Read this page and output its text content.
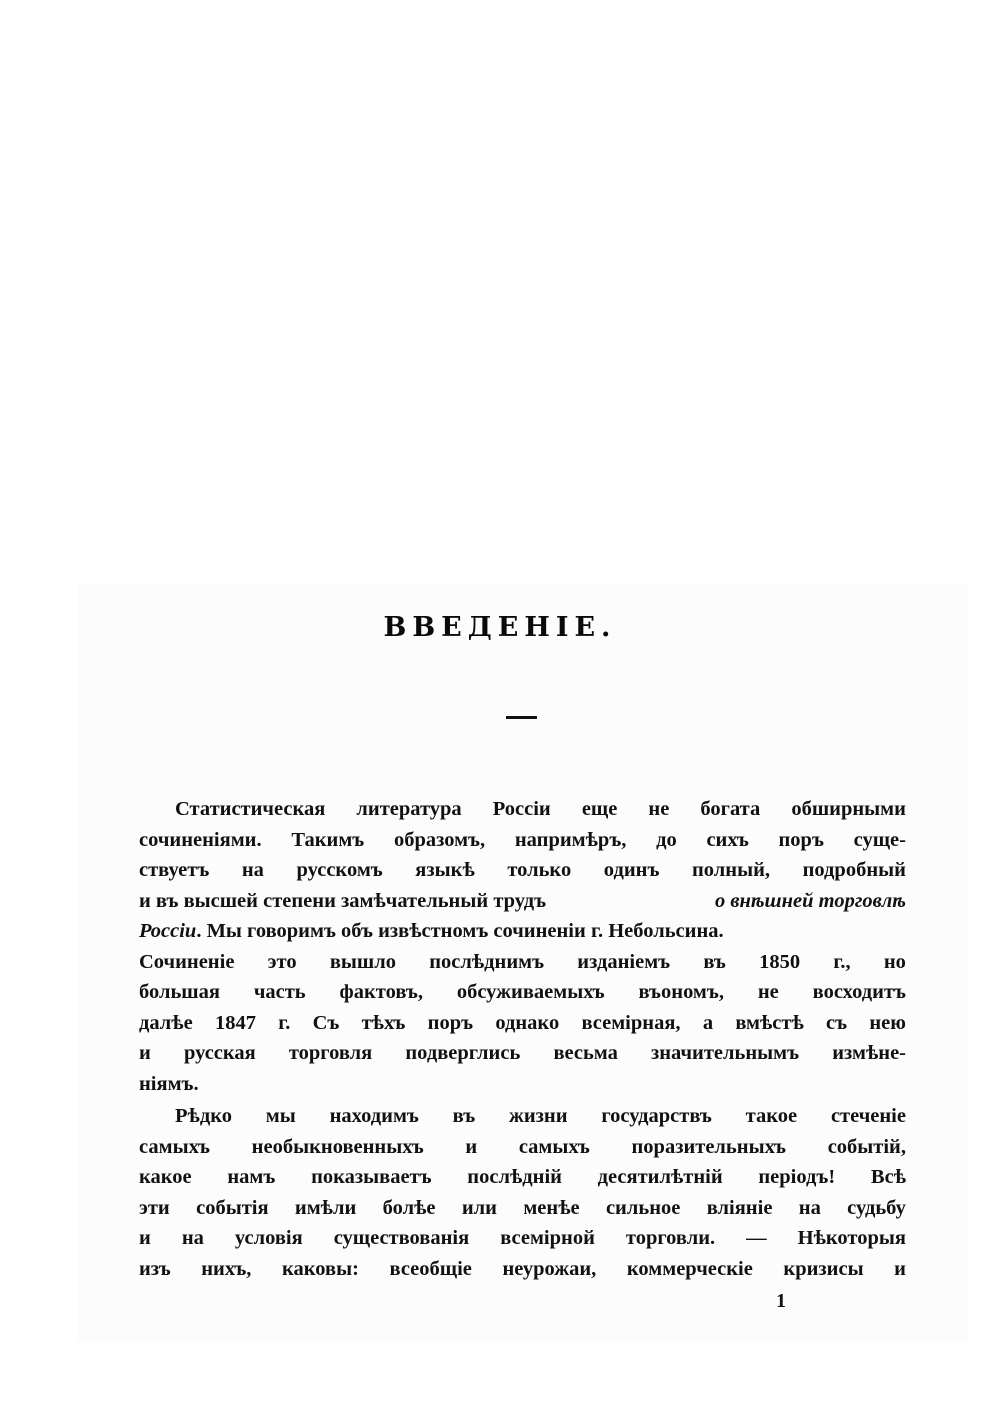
ВВЕДЕНІЕ.
Статистическая литература Россіи еще не богата обширными
сочиненіями. Такимъ образомъ, напримѣръ, до сихъ поръ суще-
ствуетъ на русскомъ языкѣ только одинъ полный, подробный
и въ высшей степени замѣчательный трудъ	о внѣшней торговлѣ
Россіи . Мы говоримъ объ извѣстномъ сочиненіи г. Небольсина.
Сочиненіе это вышло послѣднимъ изданіемъ въ 1850 г., но
большая часть фактовъ, обсуживаемыхъ въономъ, не восходитъ
далѣе 1847 г. Съ тѣхъ поръ однако всемірная, а вмѣстѣ съ нею
и русская торговля подверглись весьма значительнымъ измѣне-
ніямъ.
Рѣдко мы находимъ въ жизни государствъ такое стеченіе
самыхъ необыкновенныхъ и самыхъ поразительныхъ событій,
какое намъ показываетъ послѣдній десятилѣтній періодъ! Всѣ
эти событія имѣли болѣе или менѣе сильное вліяніе на судьбу
и на условія существованія всемірной торговли. — Нѣкоторыя
изъ нихъ, каковы: всеобщіе неурожаи, коммерческіе кризисы и
1
